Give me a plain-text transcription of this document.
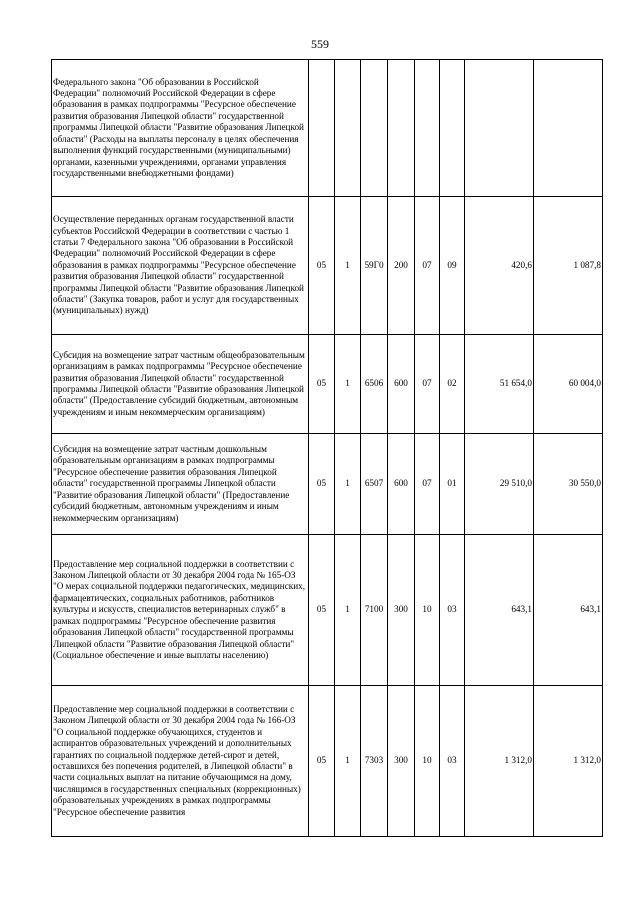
559
Федерального закона "Об образовании в Российской Федерации" полномочий Российской Федерации в сфере образования в рамках подпрограммы "Ресурсное обеспечение развития образования Липецкой области" государственной программы Липецкой области "Развитие образования Липецкой области" (Расходы на выплаты персоналу в целях обеспечения выполнения функций государственными (муниципальными) органами, казенными учреждениями, органами управления государственными внебюджетными фондами)								
Осуществление переданных органам государственной власти субъектов Российской Федерации в соответствии с частью 1 статьи 7 Федерального закона "Об образовании в Российской Федерации" полномочий Российской Федерации в сфере образования в рамках подпрограммы "Ресурсное обеспечение развития образования Липецкой области" государственной программы Липецкой области "Развитие образования Липецкой области" (Закупка товаров, работ и услуг для государственных (муниципальных) нужд)	05	1	59Г0	200	07	09	420,6	1 087,8
Субсидия на возмещение затрат частным общеобразовательным организациям в рамках подпрограммы "Ресурсное обеспечение развития образования Липецкой области" государственной программы Липецкой области "Развитие образования Липецкой области" (Предоставление субсидий бюджетным, автономным учреждениям и иным некоммерческим организациям)	05	1	6506	600	07	02	51 654,0	60 004,0
Субсидия на возмещение затрат частным дошкольным образовательным организациям в рамках подпрограммы "Ресурсное обеспечение развития образования Липецкой области" государственной программы Липецкой области "Развитие образования Липецкой области" (Предоставление субсидий бюджетным, автономным учреждениям и иным некоммерческим организациям)	05	1	6507	600	07	01	29 510,0	30 550,0
Предоставление мер социальной поддержки в соответствии с Законом Липецкой области от 30 декабря 2004 года № 165-ОЗ "О мерах социальной поддержки педагогических, медицинских, фармацевтических, социальных работников, работников культуры и искусств, специалистов ветеринарных служб" в рамках подпрограммы "Ресурсное обеспечение развития образования Липецкой области" государственной программы Липецкой области "Развитие образования Липецкой области" (Социальное обеспечение и иные выплаты населению)	05	1	7100	300	10	03	643,1	643,1
Предоставление мер социальной поддержки в соответствии с Законом Липецкой области от 30 декабря 2004 года № 166-ОЗ "О социальной поддержке обучающихся, студентов и аспирантов образовательных учреждений и дополнительных гарантиях по социальной поддержке детей-сирот и детей, оставшихся без попечения родителей, в Липецкой области" в части социальных выплат на питание обучающимся на дому, числящимся в государственных специальных (коррекционных) образовательных учреждениях в рамках подпрограммы "Ресурсное обеспечение развития	05	1	7303	300	10	03	1 312,0	1 312,0
